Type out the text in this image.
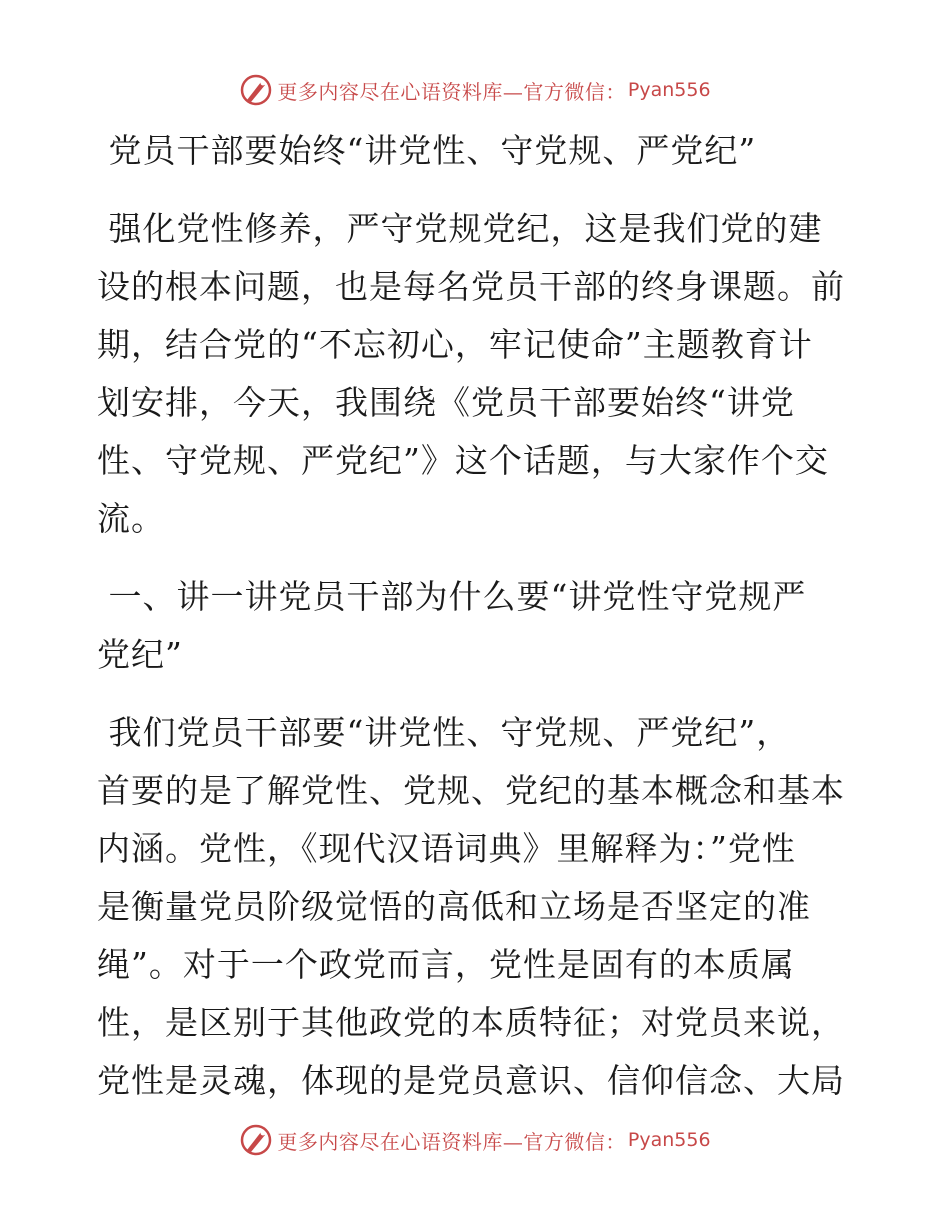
更多内容尽在心语资料库—官方微信： Pyan556

党员干部要始终“讲党性、守党规、严党纪”

强化党性修养，严守党规党纪，这是我们党的建
设的根本问题，也是每名党员干部的终身课题。前
期，结合党的“不忘初心，牢记使命”主题教育计
划安排，今天，我围绕《党员干部要始终“讲党
性、守党规、严党纪”》这个话题，与大家作个交
流。

一、讲一讲党员干部为什么要“讲党性守党规严
党纪”

我们党员干部要“讲党性、守党规、严党纪”，
首要的是了解党性、党规、党纪的基本概念和基本
内涵。党性，《现代汉语词典》里解释为：”党性
是衡量党员阶级觉悟的高低和立场是否坚定的准
绳”。对于一个政党而言，党性是固有的本质属
性，是区别于其他政党的本质特征；对党员来说，
党性是灵魂，体现的是党员意识、信仰信念、大局

更多内容尽在心语资料库—官方微信： Pyan556
